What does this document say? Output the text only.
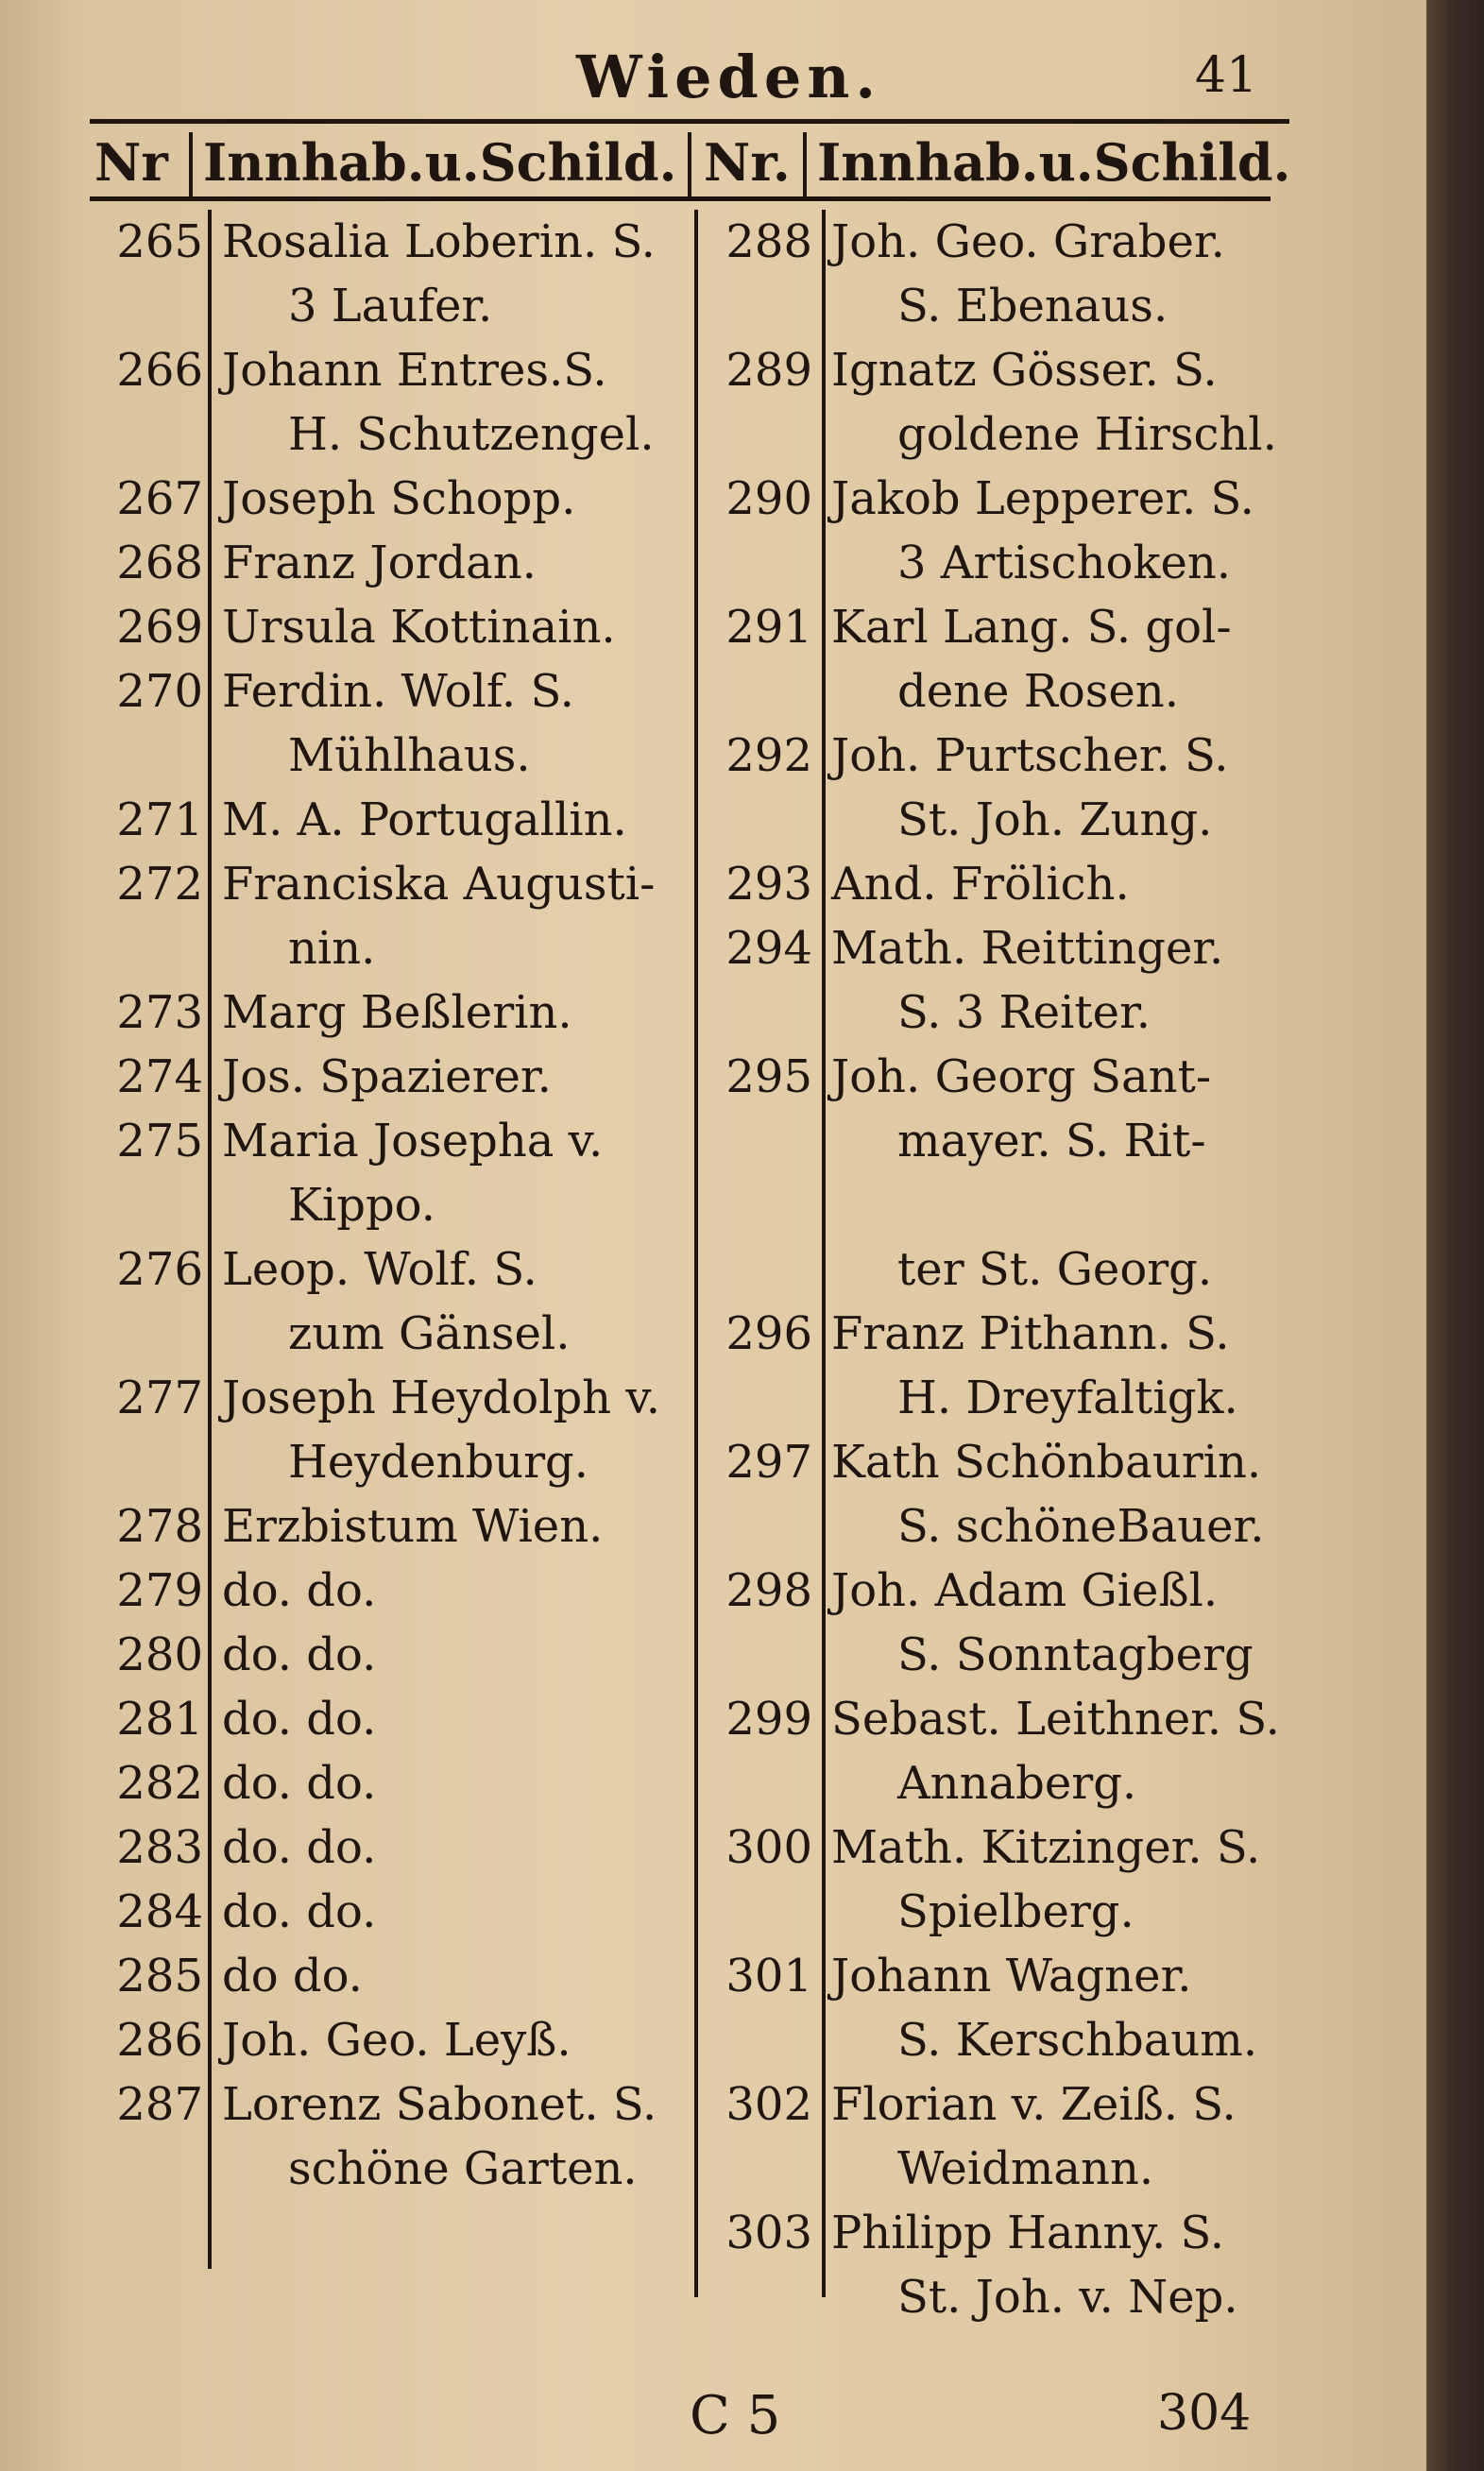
Wieden.	41
Nr Innhab.u.Schild. Nr. Innhab.u.Schild.
265 Rosalia Loberin. S.
3 Laufer.
266 Johann Entres.S.
H. Schutzengel.
267 Joseph Schopp.
268 Franz Jordan.
269 Ursula Kottinain.
270 Ferdin. Wolf. S.
Mühlhaus.
271 M. A. Portugallin.
272 Franciska Augusti-
nin.
273 Marg Beßlerin.
274 Jos. Spazierer.
275 Maria Josepha v.
Kippo.
276 Leop. Wolf. S.
zum Gänsel.
277 Joseph Heydolph v.
Heydenburg.
278 Erzbistum Wien.
279 do. do.
280 do. do.
281 do. do.
282 do. do.
283 do. do.
284 do. do.
285 do do.
286 Joh. Geo. Leyß.
287 Lorenz Sabonet. S.
schöne Garten.
288 Joh. Geo. Graber.
S. Ebenaus.
289 Ignatz Gösser. S.
goldene Hirschl.
290 Jakob Lepperer. S.
3 Artischoken.
291 Karl Lang. S. gol-
dene Rosen.
292 Joh. Purtscher. S.
St. Joh. Zung.
293 And. Frölich.
294 Math. Reittinger.
S. 3 Reiter.
295 Joh. Georg Sant-
mayer. S. Rit-

ter St. Georg.
296 Franz Pithann. S.
H. Dreyfaltigk.
297 Kath Schönbaurin.
S. schöneBauer.
298 Joh. Adam Gießl.
S. Sonntagberg
299 Sebast. Leithner. S.
Annaberg.
300 Math. Kitzinger. S.
Spielberg.
301 Johann Wagner.
S. Kerschbaum.
302 Florian v. Zeiß. S.
Weidmann.
303 Philipp Hanny. S.
St. Joh. v. Nep.
C 5	304
